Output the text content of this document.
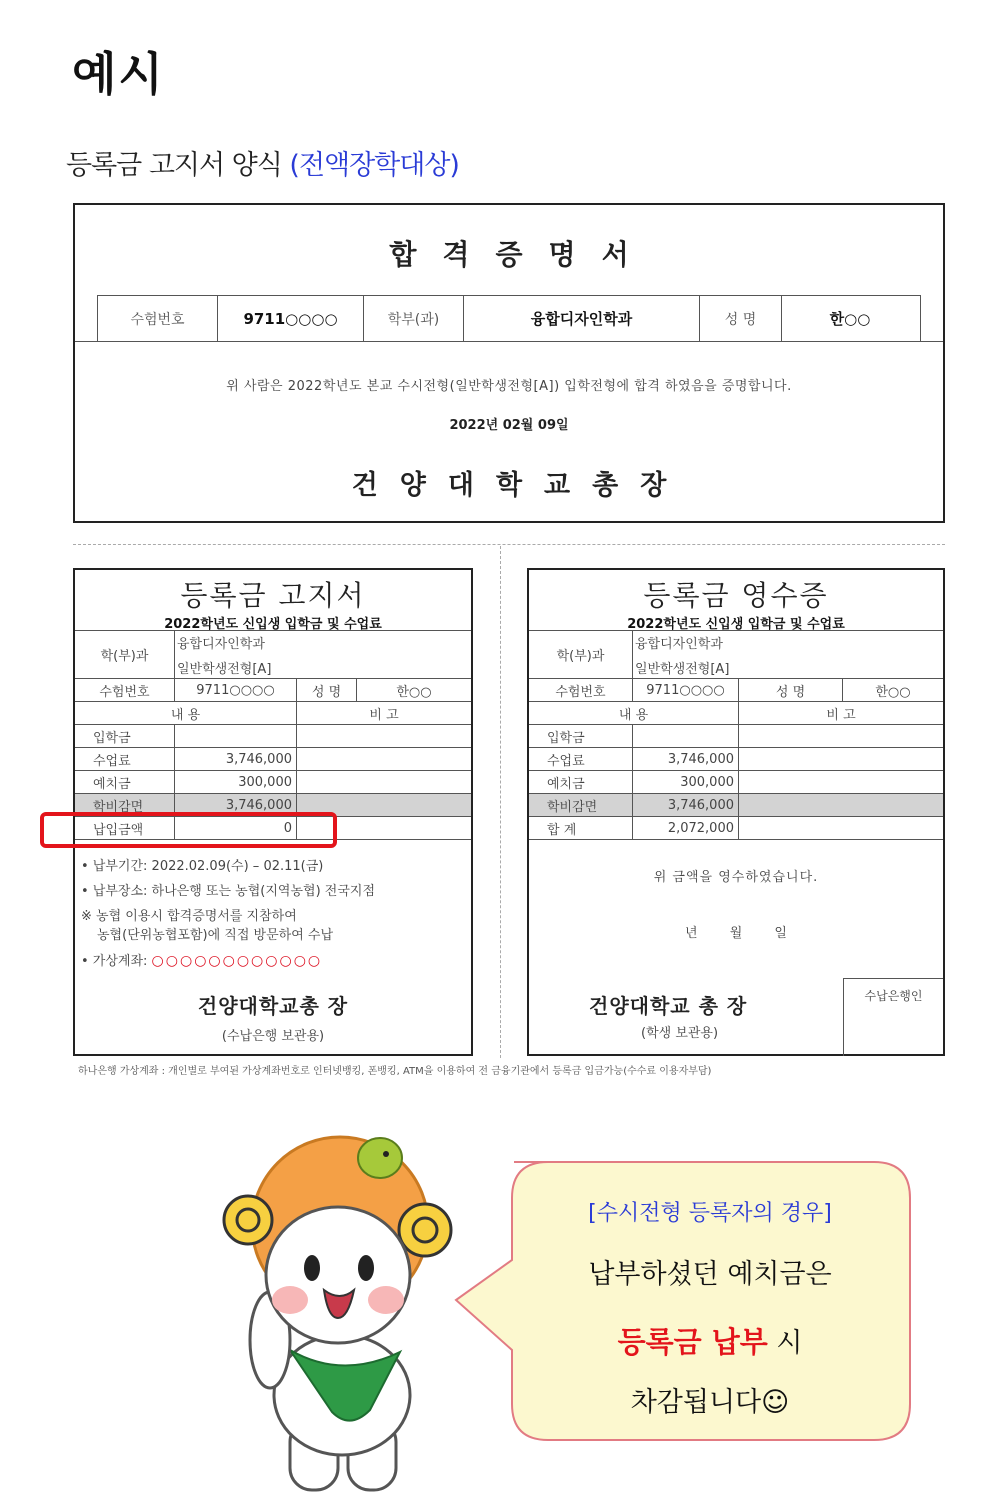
예시
등록금 고지서 양식 (전액장학대상)
합격증명서
수험번호	9711○○○○	학부(과)	융합디자인학과	성 명	한○○
위 사람은 2022학년도 본교 수시전형(일반학생전형[A]) 입학전형에 합격 하였음을 증명합니다.
2022년 02월 09일
건양대학교총장
등록금 고지서
2022학년도 신입생 입학금 및 수업료
학(부)과
융합디자인학과
일반학생전형[A]
수험번호	9711○○○○	성 명	한○○
내 용	비 고
입학금
수업료	3,746,000
예치금	300,000
학비감면	3,746,000
납입금액	0
• 납부기간: 2022.02.09(수) – 02.11(금)
• 납부장소: 하나은행 또는 농협(지역농협) 전국지점
※ 농협 이용시 합격증명서를 지참하여
농협(단위농협포함)에 직접 방문하여 수납
• 가상계좌: ○○○○○○○○○○○○
건양대학교총 장
(수납은행 보관용)
등록금 영수증
2022학년도 신입생 입학금 및 수업료
학(부)과
융합디자인학과
일반학생전형[A]
수험번호	9711○○○○	성 명	한○○
내 용	비 고
입학금
수업료	3,746,000
예치금	300,000
학비감면	3,746,000
합 계	2,072,000
위 금액을 영수하였습니다.
년 월 일
건양대학교 총 장
(학생 보관용)
수납은행인
하나은행 가상계좌 : 개인별로 부여된 가상계좌번호로 인터넷뱅킹, 폰뱅킹, ATM을 이용하여 전 금융기관에서 등록금 입금가능(수수료 이용자부담)
[수시전형 등록자의 경우]
납부하셨던 예치금은
등록금 납부 시
차감됩니다☺
